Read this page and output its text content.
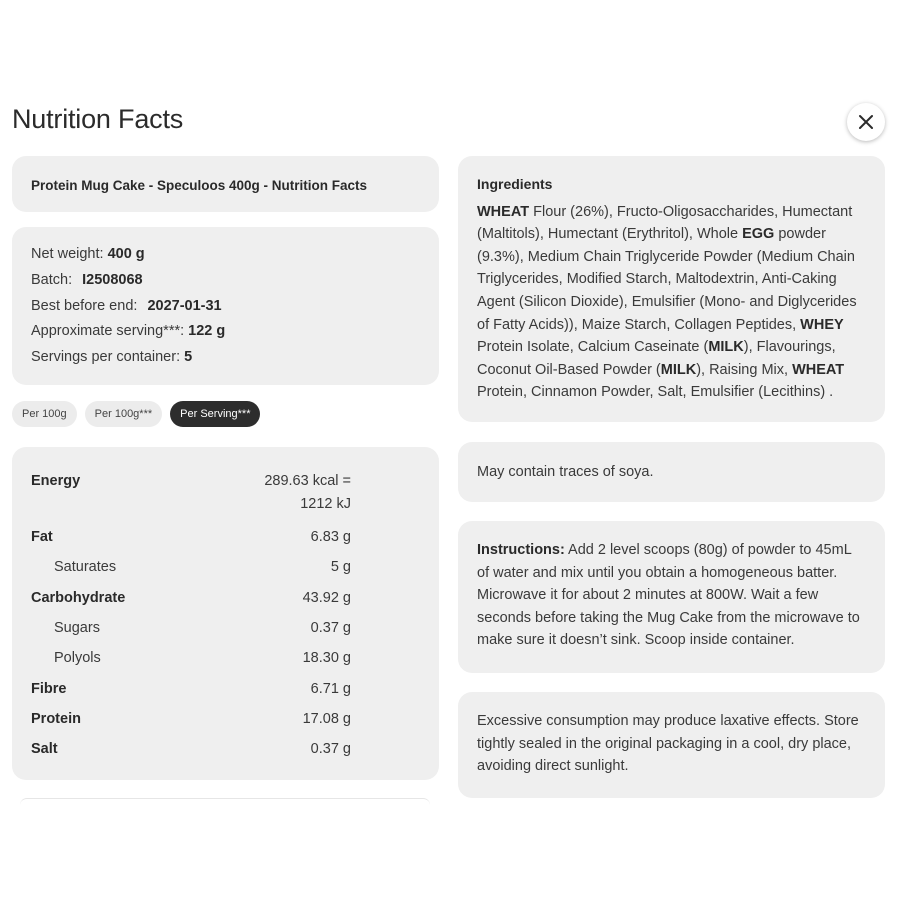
Nutrition Facts
Protein Mug Cake - Speculoos 400g - Nutrition Facts
Net weight: 400 g
Batch: I2508068
Best before end: 2027-01-31
Approximate serving***: 122 g
Servings per container: 5
Per 100g	Per 100g***	Per Serving***
Energy	289.63 kcal =
1212 kJ
Fat	6.83 g
Saturates	5 g
Carbohydrate	43.92 g
Sugars	0.37 g
Polyols	18.30 g
Fibre	6.71 g
Protein	17.08 g
Salt	0.37 g
Ingredients
WHEAT Flour (26%), Fructo-Oligosaccharides, Humectant (Maltitols), Humectant (Erythritol), Whole EGG powder (9.3%), Medium Chain Triglyceride Powder (Medium Chain Triglycerides, Modified Starch, Maltodextrin, Anti-Caking Agent (Silicon Dioxide), Emulsifier (Mono- and Diglycerides of Fatty Acids)), Maize Starch, Collagen Peptides, WHEY Protein Isolate, Calcium Caseinate (MILK), Flavourings, Coconut Oil-Based Powder (MILK), Raising Mix, WHEAT Protein, Cinnamon Powder, Salt, Emulsifier (Lecithins) .
May contain traces of soya.
Instructions: Add 2 level scoops (80g) of powder to 45mL of water and mix until you obtain a homogeneous batter. Microwave it for about 2 minutes at 800W. Wait a few seconds before taking the Mug Cake from the microwave to make sure it doesn’t sink. Scoop inside container.
Excessive consumption may produce laxative effects. Store tightly sealed in the original packaging in a cool, dry place, avoiding direct sunlight.
